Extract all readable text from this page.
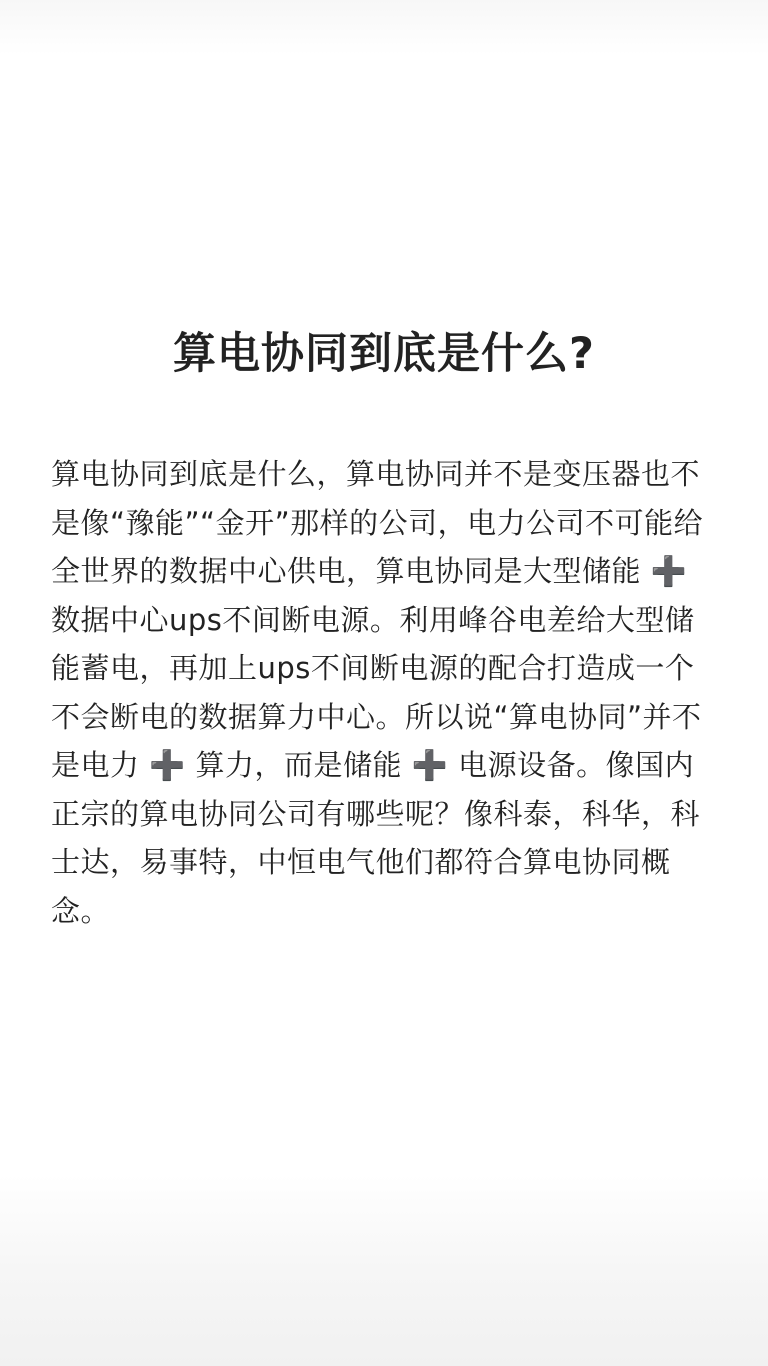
算电协同到底是什么?

算电协同到底是什么，算电协同并不是变压器也不是像“豫能”“金开”那样的公司，电力公司不可能给全世界的数据中心供电，算电协同是大型储能 ➕ 数据中心ups不间断电源。利用峰谷电差给大型储能蓄电，再加上ups不间断电源的配合打造成一个不会断电的数据算力中心。所以说“算电协同”并不是电力 ➕ 算力，而是储能 ➕ 电源设备。像国内正宗的算电协同公司有哪些呢？像科泰，科华，科士达，易事特，中恒电气他们都符合算电协同概念。
